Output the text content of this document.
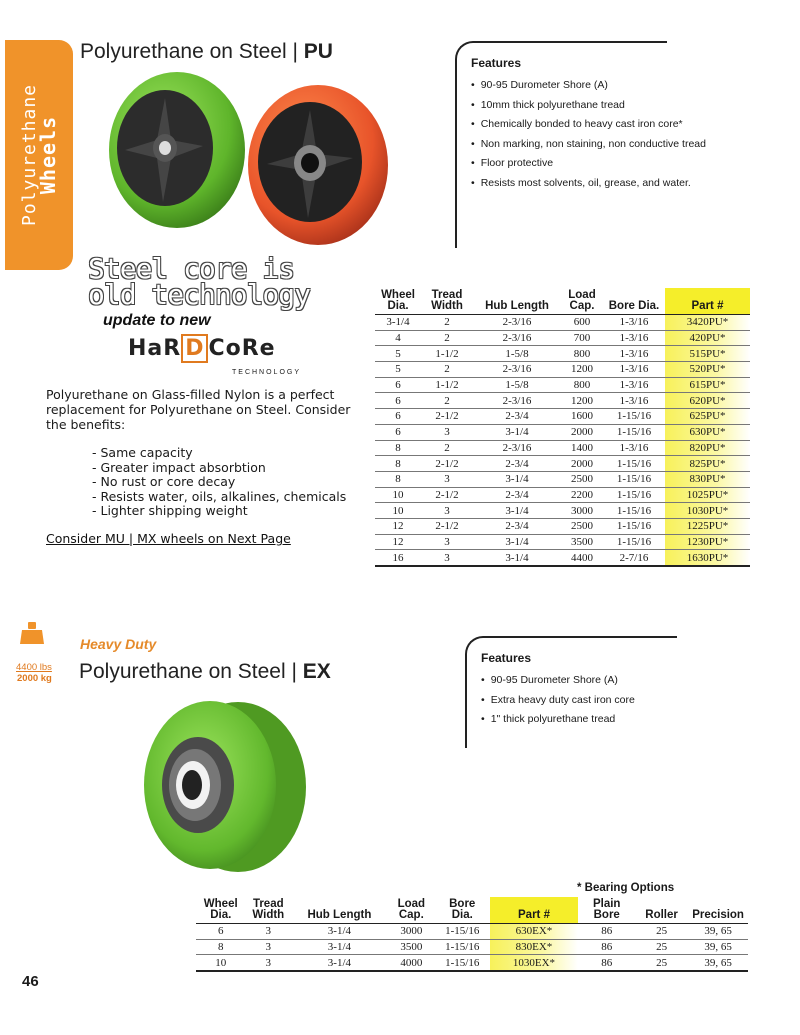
Polyurethane
Wheels
Polyurethane on Steel | PU	Features
• 90-95 Durometer Shore (A)
• 10mm thick polyurethane tread
• Chemically bonded to heavy cast iron core*
• Non marking, non staining, non conductive tread
• Floor protective
• Resists most solvents, oil, grease, and water.
Steel core is
old technology
update to new
HaR D CoRe
TECHNOLOGY
Polyurethane on Glass-filled Nylon is a perfect replacement for Polyurethane on Steel. Consider the benefits:
- Same capacity
- Greater impact absorbtion
- No rust or core decay
- Resists water, oils, alkalines, chemicals
- Lighter shipping weight
Consider MU | MX wheels on Next Page
Wheel Dia.	Tread Width	Hub Length	Load Cap.	Bore Dia.	Part #
3-1/4	2	2-3/16	600	1-3/16	3420PU*
4	2	2-3/16	700	1-3/16	420PU*
5	1-1/2	1-5/8	800	1-3/16	515PU*
5	2	2-3/16	1200	1-3/16	520PU*
6	1-1/2	1-5/8	800	1-3/16	615PU*
6	2	2-3/16	1200	1-3/16	620PU*
6	2-1/2	2-3/4	1600	1-15/16	625PU*
6	3	3-1/4	2000	1-15/16	630PU*
8	2	2-3/16	1400	1-3/16	820PU*
8	2-1/2	2-3/4	2000	1-15/16	825PU*
8	3	3-1/4	2500	1-15/16	830PU*
10	2-1/2	2-3/4	2200	1-15/16	1025PU*
10	3	3-1/4	3000	1-15/16	1030PU*
12	2-1/2	2-3/4	2500	1-15/16	1225PU*
12	3	3-1/4	3500	1-15/16	1230PU*
16	3	3-1/4	4400	2-7/16	1630PU*
4400 lbs
2000 kg
Heavy Duty
Polyurethane on Steel | EX
Features
• 90-95 Durometer Shore (A)
• Extra heavy duty cast iron core
• 1" thick polyurethane tread
* Bearing Options
Wheel Dia.	Tread Width	Hub Length	Load Cap.	Bore Dia.	Part #	Plain Bore	Roller	Precision
6	3	3-1/4	3000	1-15/16	630EX*	86	25	39, 65
8	3	3-1/4	3500	1-15/16	830EX*	86	25	39, 65
10	3	3-1/4	4000	1-15/16	1030EX*	86	25	39, 65
46
